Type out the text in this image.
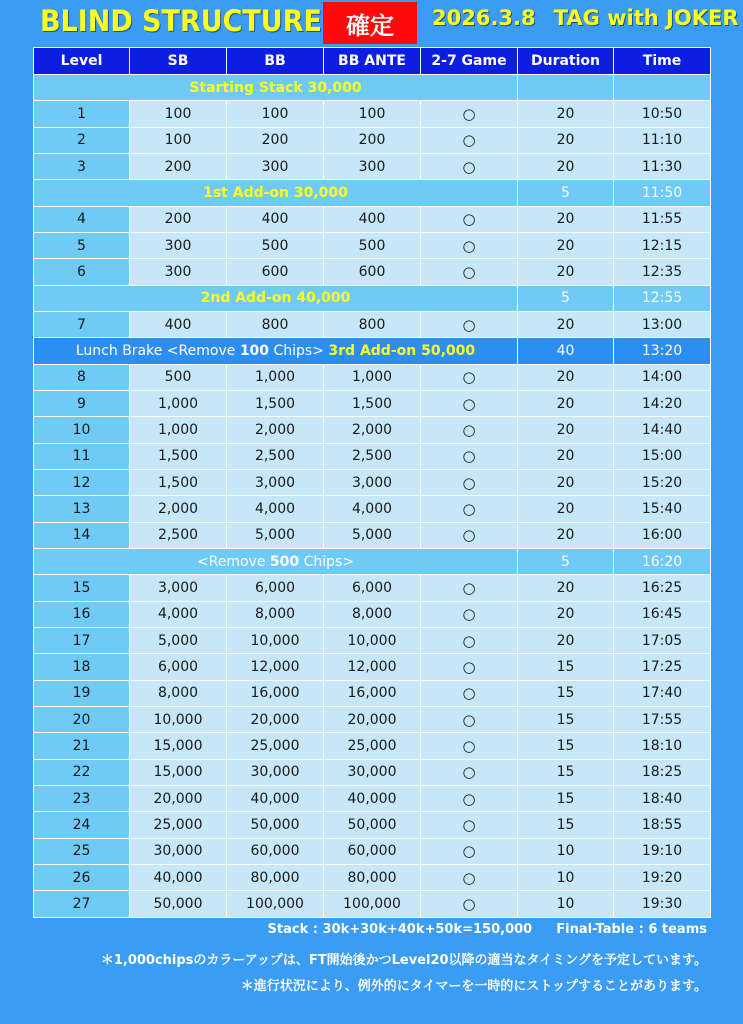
BLIND STRUCTURE	確定	2026.3.8 TAG with JOKER
Level	SB	BB	BB ANTE	2-7 Game	Duration	Time
Starting Stack 30,000						
1	100	100	100	○	20	10:50
2	100	200	200	○	20	11:10
3	200	300	300	○	20	11:30
1st Add-on 30,000					5	11:50
4	200	400	400	○	20	11:55
5	300	500	500	○	20	12:15
6	300	600	600	○	20	12:35
2nd Add-on 40,000					5	12:55
7	400	800	800	○	20	13:00
Lunch Brake <Remove 100 Chips> 3rd Add-on 50,000					40	13:20
8	500	1,000	1,000	○	20	14:00
9	1,000	1,500	1,500	○	20	14:20
10	1,000	2,000	2,000	○	20	14:40
11	1,500	2,500	2,500	○	20	15:00
12	1,500	3,000	3,000	○	20	15:20
13	2,000	4,000	4,000	○	20	15:40
14	2,500	5,000	5,000	○	20	16:00
<Remove 500 Chips>					5	16:20
15	3,000	6,000	6,000	○	20	16:25
16	4,000	8,000	8,000	○	20	16:45
17	5,000	10,000	10,000	○	20	17:05
18	6,000	12,000	12,000	○	15	17:25
19	8,000	16,000	16,000	○	15	17:40
20	10,000	20,000	20,000	○	15	17:55
21	15,000	25,000	25,000	○	15	18:10
22	15,000	30,000	30,000	○	15	18:25
23	20,000	40,000	40,000	○	15	18:40
24	25,000	50,000	50,000	○	15	18:55
25	30,000	60,000	60,000	○	10	19:10
26	40,000	80,000	80,000	○	10	19:20
27	50,000	100,000	100,000	○	10	19:30
Stack : 30k+30k+40k+50k=150,000 Final-Table : 6 teams
＊1,000chipsのカラーアップは、FT開始後かつLevel20以降の適当なタイミングを予定しています。
＊進行状況により、例外的にタイマーを一時的にストップすることがあります。
